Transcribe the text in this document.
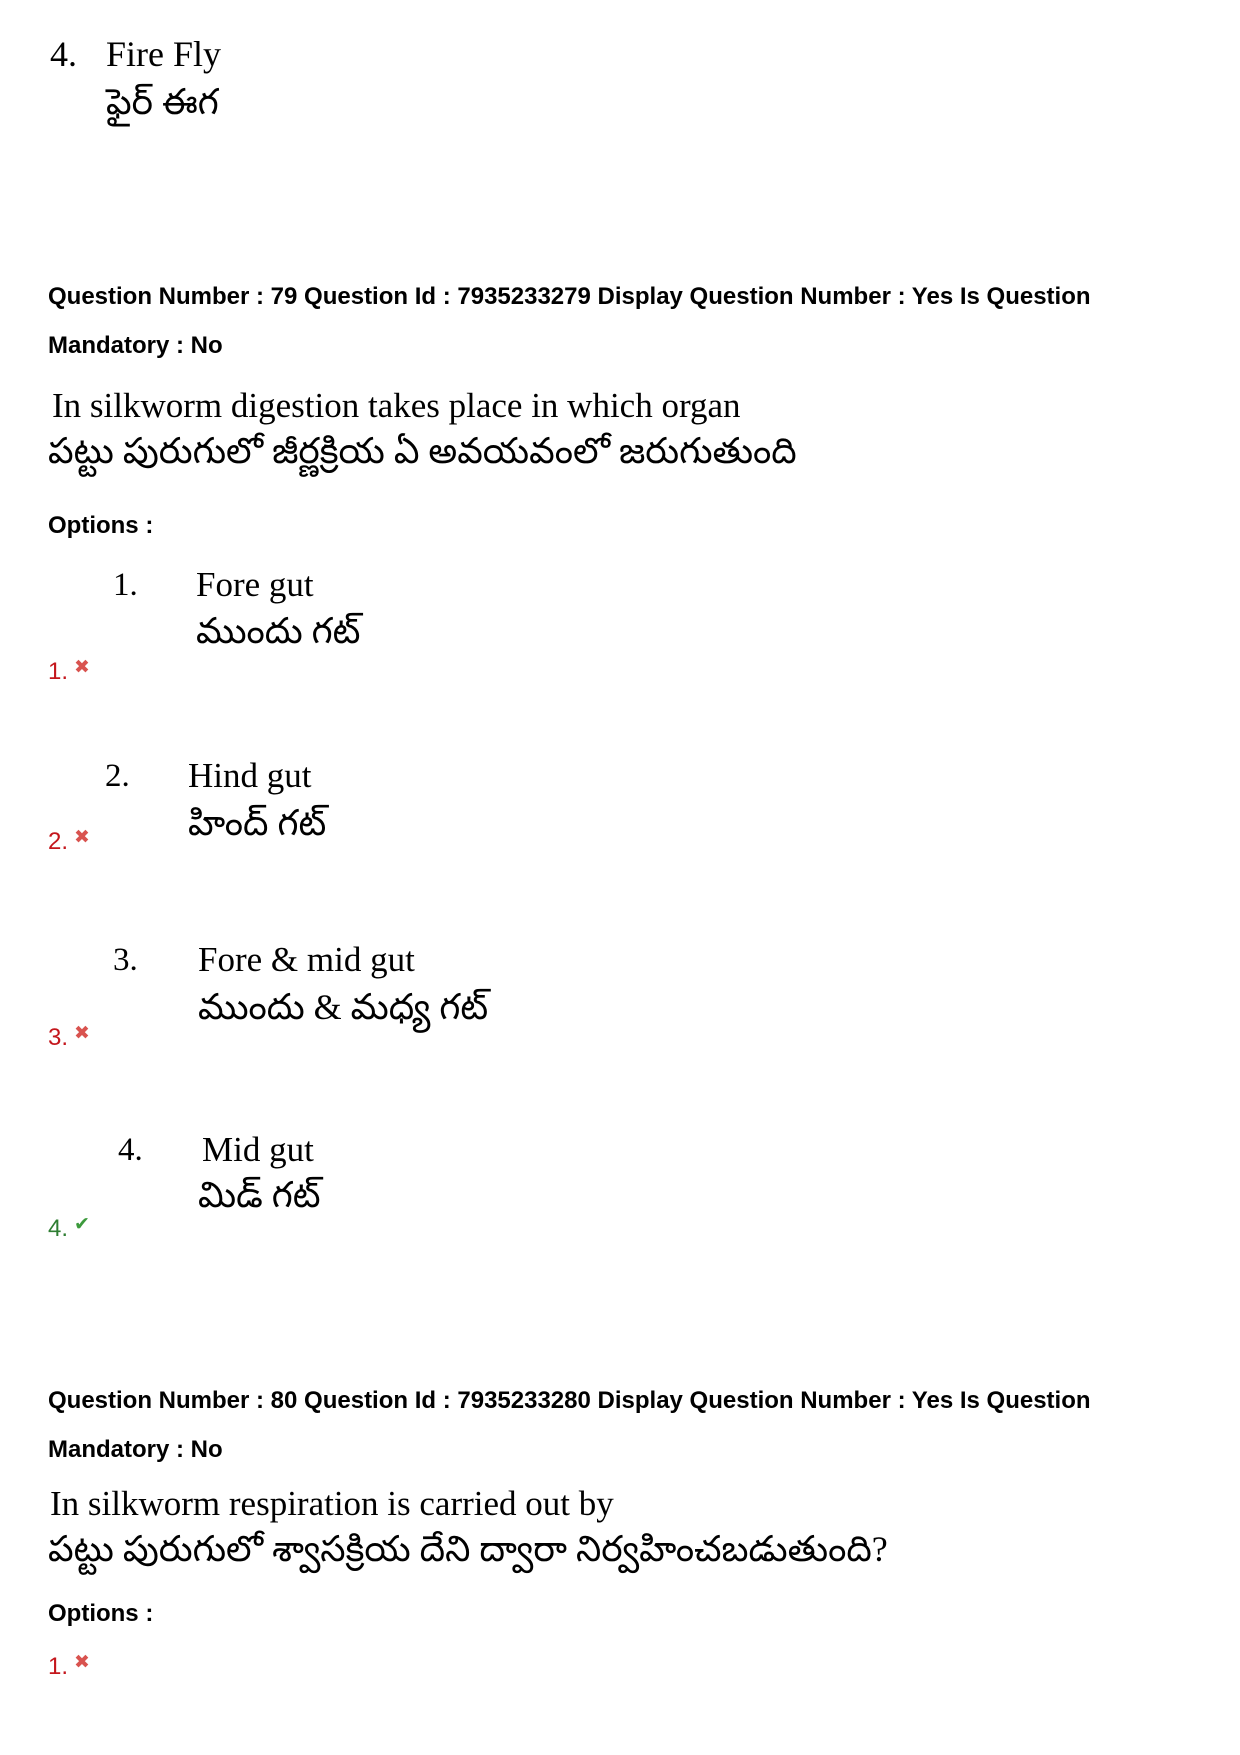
4. Fire Fly
ఫైర్ ఈగ
Question Number : 79 Question Id : 7935233279 Display Question Number : Yes Is Question
Mandatory : No
In silkworm digestion takes place in which organ
పట్టు పురుగులో జీర్ణక్రియ ఏ అవయవంలో జరుగుతుంది
Options :
1. Fore gut
ముందు గట్
1. ✖
2. Hind gut
హింద్ గట్
2. ✖
3. Fore & mid gut
ముందు & మధ్య గట్
3. ✖
4. Mid gut
మిడ్ గట్
4. ✔
Question Number : 80 Question Id : 7935233280 Display Question Number : Yes Is Question
Mandatory : No
In silkworm respiration is carried out by
పట్టు పురుగులో శ్వాసక్రియ దేని ద్వారా నిర్వహించబడుతుంది?
Options :
1. ✖
